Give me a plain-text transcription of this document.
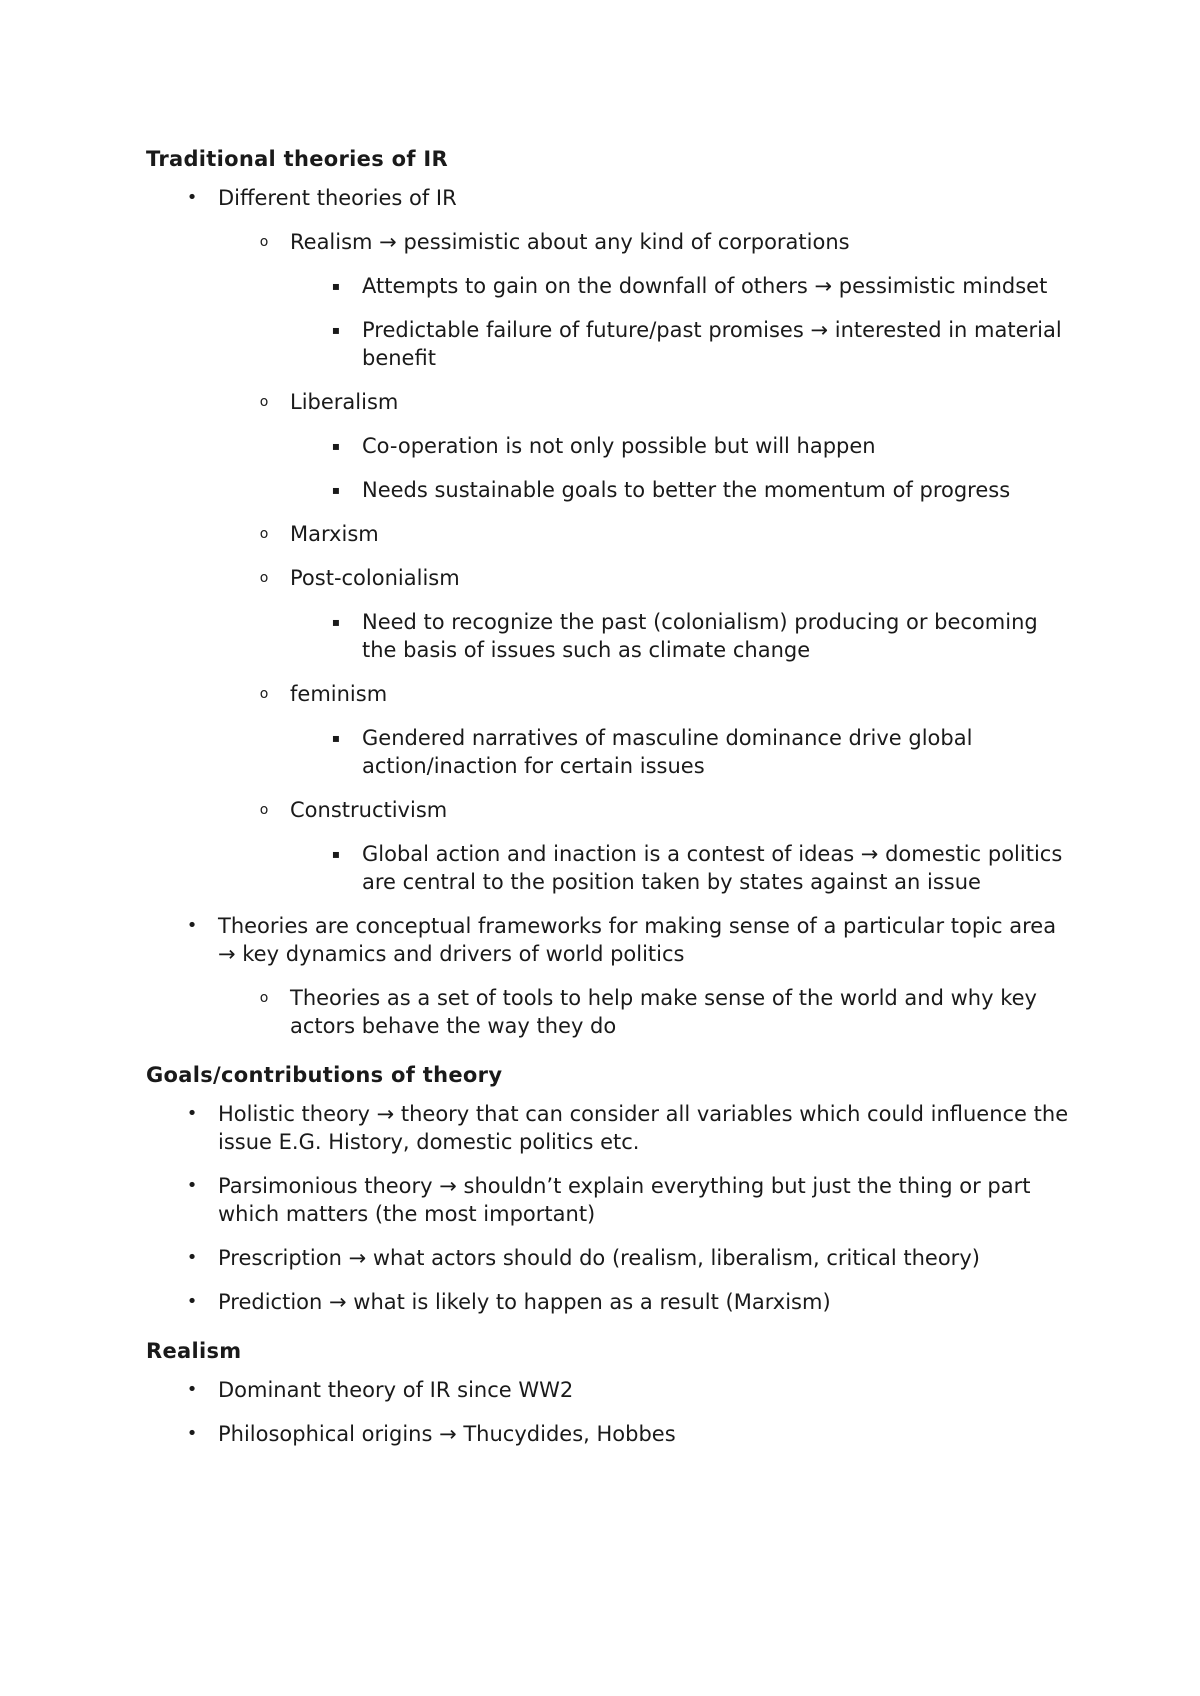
Traditional theories of IR
• Different theories of IR
o Realism → pessimistic about any kind of corporations
▪ Attempts to gain on the downfall of others → pessimistic mindset
▪ Predictable failure of future/past promises → interested in material benefit
o Liberalism
▪ Co-operation is not only possible but will happen
▪ Needs sustainable goals to better the momentum of progress
o Marxism
o Post-colonialism
▪ Need to recognize the past (colonialism) producing or becoming the basis of issues such as climate change
o feminism
▪ Gendered narratives of masculine dominance drive global action/inaction for certain issues
o Constructivism
▪ Global action and inaction is a contest of ideas → domestic politics are central to the position taken by states against an issue
• Theories are conceptual frameworks for making sense of a particular topic area → key dynamics and drivers of world politics
o Theories as a set of tools to help make sense of the world and why key actors behave the way they do
Goals/contributions of theory
• Holistic theory → theory that can consider all variables which could influence the issue E.G. History, domestic politics etc.
• Parsimonious theory → shouldn’t explain everything but just the thing or part which matters (the most important)
• Prescription → what actors should do (realism, liberalism, critical theory)
• Prediction → what is likely to happen as a result (Marxism)
Realism
• Dominant theory of IR since WW2
• Philosophical origins → Thucydides, Hobbes
